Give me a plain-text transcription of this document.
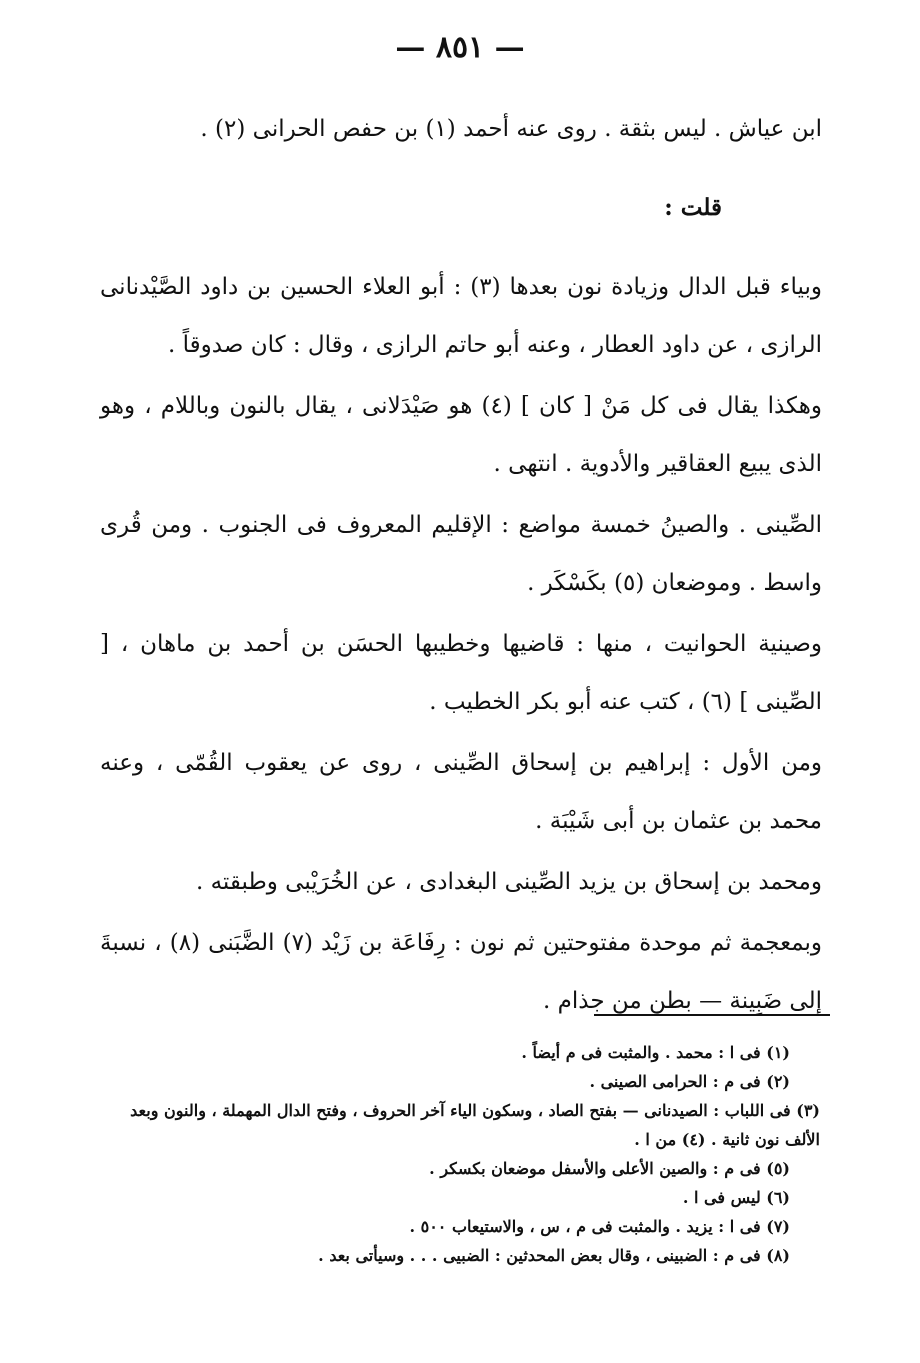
— ٨٥١ —

ابن عياش . ليس بثقة . روى عنه أحمد (١) بن حفص الحرانى (٢) .

قلت :

وبياء قبل الدال وزيادة نون بعدها (٣) : أبو العلاء الحسين بن داود الصَّيْدنانى الرازى ، عن داود العطار ، وعنه أبو حاتم الرازى ، وقال : كان صدوقاً .

وهكذا يقال فى كل مَنْ [ كان ] (٤) هو صَيْدَلانى ، يقال بالنون وباللام ، وهو الذى يبيع العقاقير والأدوية . انتهى .

الصِّينى . والصينُ خمسة مواضع : الإقليم المعروف فى الجنوب . ومن قُرى واسط . وموضعان (٥) بكَسْكَر .

وصينية الحوانيت ، منها : قاضيها وخطيبها الحسَن بن أحمد بن ماهان ، [ الصِّينى ] (٦) ، كتب عنه أبو بكر الخطيب .

ومن الأول : إبراهيم بن إسحاق الصِّينى ، روى عن يعقوب القُمّى ، وعنه محمد بن عثمان بن أبى شَيْبَة .

ومحمد بن إسحاق بن يزيد الصِّينى البغدادى ، عن الخُرَيْبى وطبقته .

وبمعجمة ثم موحدة مفتوحتين ثم نون : رِفَاعَة بن زَيْد (٧) الضَّبَنى (٨) ، نسبةَ إلى ضَبِينة — بطن من جذام .

(١) فى ا : محمد . والمثبت فى م أيضاً .

(٢) فى م : الحرامى الصينى .

(٣) فى اللباب : الصيدنانى — بفتح الصاد ، وسكون الياء آخر الحروف ، وفتح الدال المهملة ، والنون وبعد الألف نون ثانية . (٤) من ا .

(٥) فى م : والصين الأعلى والأسفل موضعان بكسكر .

(٦) ليس فى ا .

(٧) فى ا : يزيد . والمثبت فى م ، س ، والاستيعاب ٥٠٠ .

(٨) فى م : الضبينى ، وقال بعض المحدثين : الضبيى . . . وسيأتى بعد .
